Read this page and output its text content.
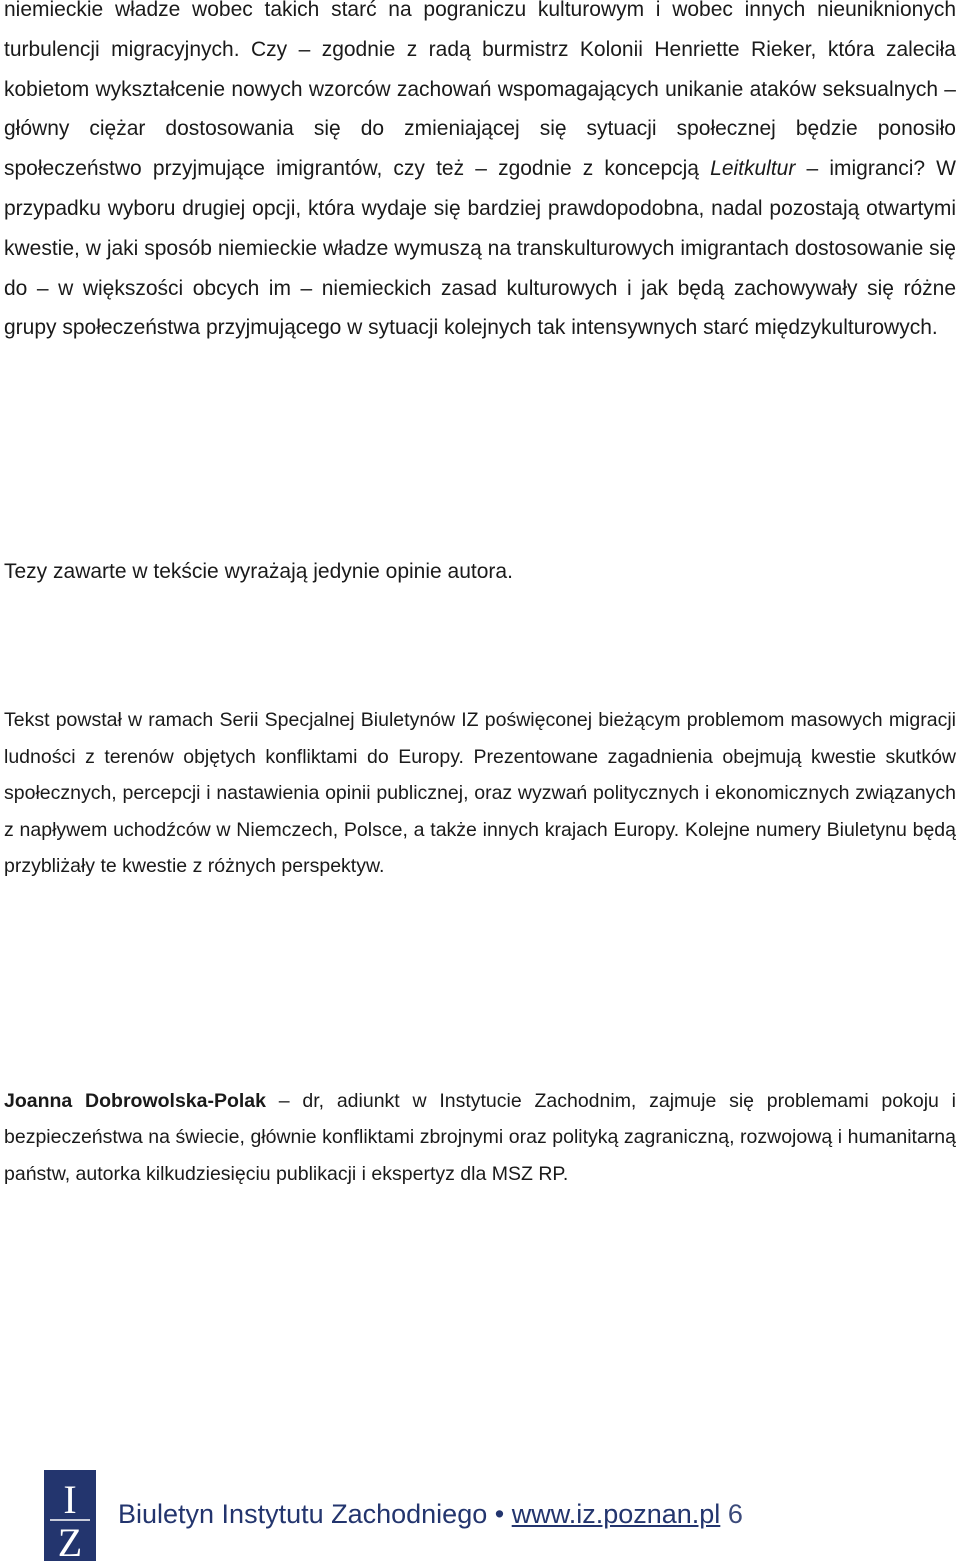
niemieckie władze wobec takich starć na pograniczu kulturowym i wobec innych nieuniknionych turbulencji migracyjnych. Czy – zgodnie z radą burmistrz Kolonii Henriette Rieker, która zaleciła kobietom wykształcenie nowych wzorców zachowań wspomagających unikanie ataków seksualnych – główny ciężar dostosowania się do zmieniającej się sytuacji społecznej będzie ponosiło społeczeństwo przyjmujące imigrantów, czy też – zgodnie z koncepcją Leitkultur – imigranci? W przypadku wyboru drugiej opcji, która wydaje się bardziej prawdopodobna, nadal pozostają otwartymi kwestie, w jaki sposób niemieckie władze wymuszą na transkulturowych imigrantach dostosowanie się do – w większości obcych im – niemieckich zasad kulturowych i jak będą zachowywały się różne grupy społeczeństwa przyjmującego w sytuacji kolejnych tak intensywnych starć międzykulturowych.

Tezy zawarte w tekście wyrażają jedynie opinie autora.

Tekst powstał w ramach Serii Specjalnej Biuletynów IZ poświęconej bieżącym problemom masowych migracji ludności z terenów objętych konfliktami do Europy. Prezentowane zagadnienia obejmują kwestie skutków społecznych, percepcji i nastawienia opinii publicznej, oraz wyzwań politycznych i ekonomicznych związanych z napływem uchodźców w Niemczech, Polsce, a także innych krajach Europy. Kolejne numery Biuletynu będą przybliżały te kwestie z różnych perspektyw.

Joanna Dobrowolska-Polak – dr, adiunkt w Instytucie Zachodnim, zajmuje się problemami pokoju i bezpieczeństwa na świecie, głównie konfliktami zbrojnymi oraz polityką zagraniczną, rozwojową i humanitarną państw, autorka kilkudziesięciu publikacji i ekspertyz dla MSZ RP.

I
Z
Biuletyn Instytutu Zachodniego • www.iz.poznan.pl 6
